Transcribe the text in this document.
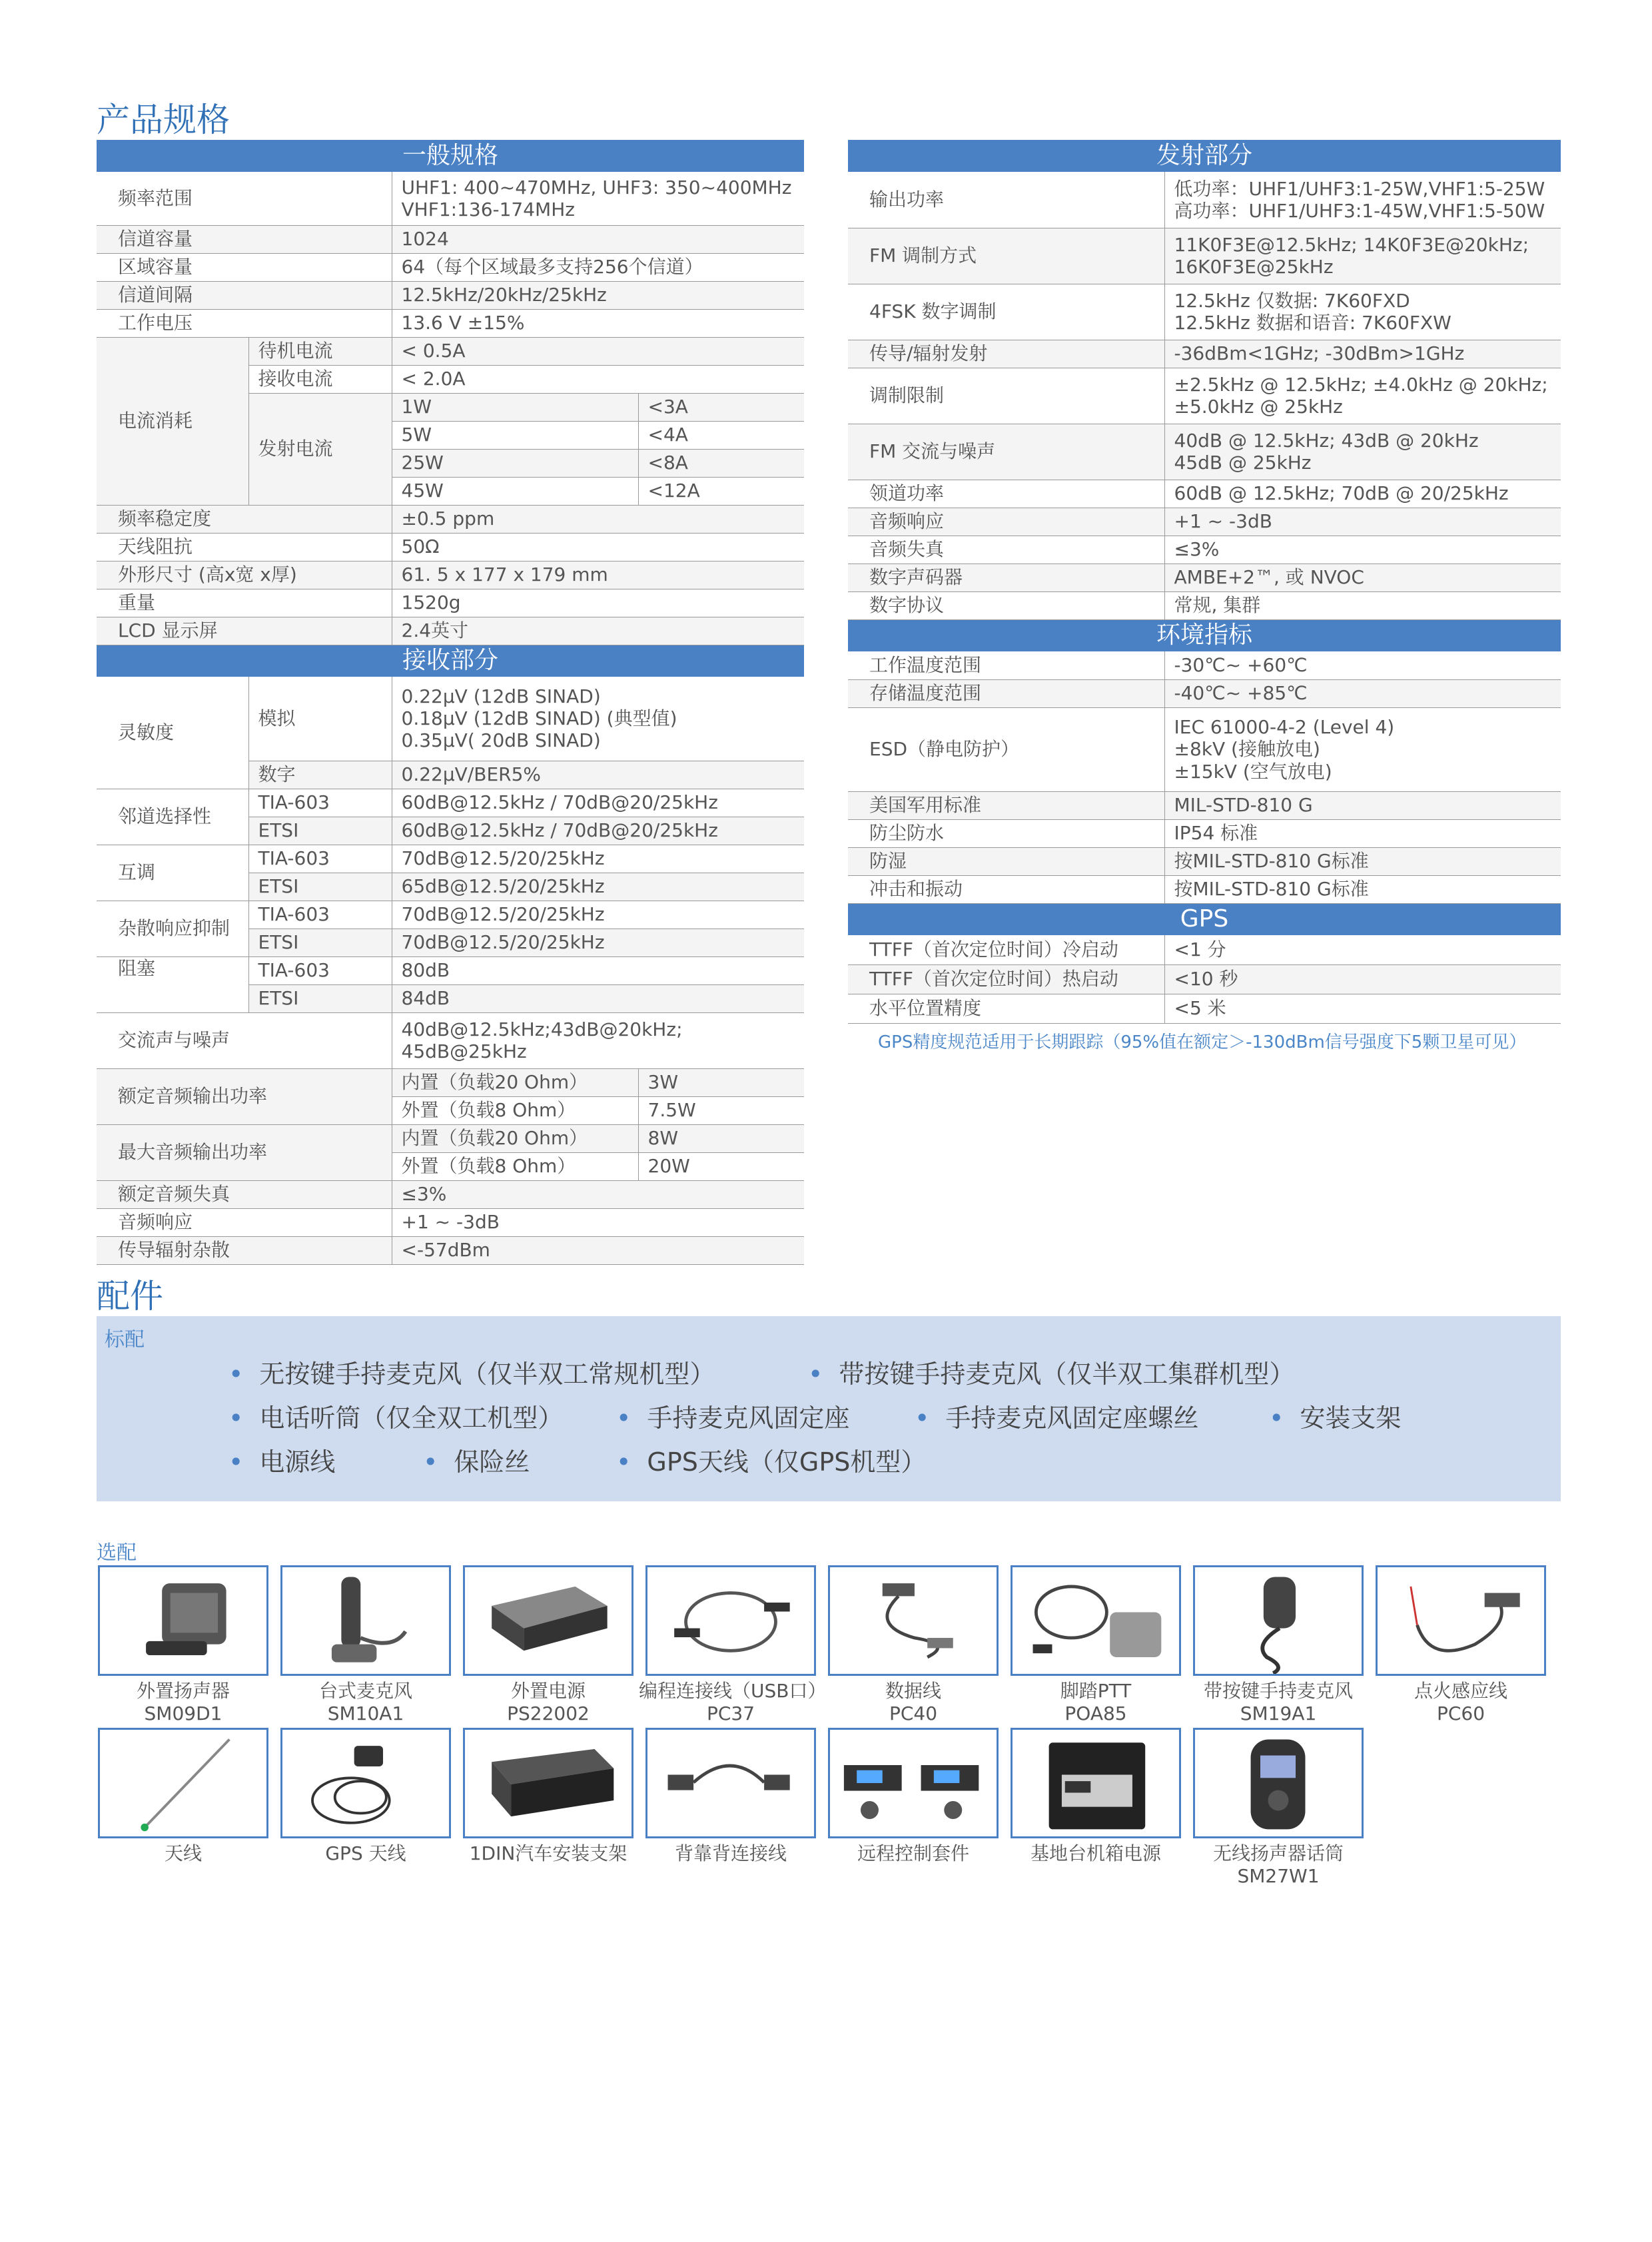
产品规格
一般规格			
频率范围		UHF1: 400~470MHz, UHF3: 350~400MHz
VHF1:136-174MHz	

信道容量		1024	
区域容量		64（每个区域最多支持256个信道）	
信道间隔		12.5kHz/20kHz/25kHz	
工作电压		13.6 V ±15%	
电流消耗	待机电流	< 0.5A	
	接收电流	< 2.0A	
	发射电流	1W	<3A
		5W	<4A
		25W	<8A
		45W	<12A
频率稳定度		±0.5 ppm	
天线阻抗		50Ω	
外形尺寸 (高x宽 x厚)		61. 5 x 177 x 179 mm	
重量		1520g	
LCD 显示屏		2.4英寸	
接收部分			
灵敏度	模拟	0.22μV (12dB SINAD)
0.18μV (12dB SINAD) (典型值)
0.35μV( 20dB SINAD)	

	数字	0.22μV/BER5%	
邻道选择性	TIA-603	60dB@12.5kHz / 70dB@20/25kHz	
	ETSI	60dB@12.5kHz / 70dB@20/25kHz	
互调	TIA-603	70dB@12.5/20/25kHz	
	ETSI	65dB@12.5/20/25kHz	
杂散响应抑制	TIA-603	70dB@12.5/20/25kHz	
	ETSI	70dB@12.5/20/25kHz	
阻塞	TIA-603	80dB	
	ETSI	84dB	
交流声与噪声		40dB@12.5kHz;43dB@20kHz;
45dB@25kHz	

额定音频输出功率		内置（负载20 Ohm）	3W
		外置（负载8 Ohm）	7.5W
最大音频输出功率		内置（负载20 Ohm）	8W
		外置（负载8 Ohm）	20W
额定音频失真		≤3%	
音频响应		+1 ~ -3dB	
传导辐射杂散		<-57dBm	
发射部分	
输出功率	低功率：UHF1/UHF3:1-25W,VHF1:5-25W
高功率：UHF1/UHF3:1-45W,VHF1:5-50W

FM 调制方式	11K0F3E@12.5kHz; 14K0F3E@20kHz;
16K0F3E@25kHz

4FSK 数字调制	12.5kHz 仅数据: 7K60FXD
12.5kHz 数据和语音: 7K60FXW

传导/辐射发射	-36dBm<1GHz; -30dBm>1GHz
调制限制	±2.5kHz @ 12.5kHz; ±4.0kHz @ 20kHz;
±5.0kHz @ 25kHz

FM 交流与噪声	40dB @ 12.5kHz; 43dB @ 20kHz
45dB @ 25kHz

领道功率	60dB @ 12.5kHz; 70dB @ 20/25kHz
音频响应	+1 ~ -3dB
音频失真	≤3%
数字声码器	AMBE+2™, 或 NVOC
数字协议	常规, 集群
环境指标	
工作温度范围	-30℃~ +60℃
存储温度范围	-40℃~ +85℃
ESD（静电防护）	IEC 61000-4-2 (Level 4)
±8kV (接触放电)
±15kV (空气放电)

美国军用标准	MIL-STD-810 G
防尘防水	IP54 标准
防湿	按MIL-STD-810 G标准
冲击和振动	按MIL-STD-810 G标准
GPS	
TTFF（首次定位时间）冷启动	<1 分
TTFF（首次定位时间）热启动	<10 秒
水平位置精度	<5 米
GPS精度规范适用于长期跟踪（95%值在额定＞-130dBm信号强度下5颗卫星可见）
配件
标配
• 无按键手持麦克风（仅半双工常规机型）	• 带按键手持麦克风（仅半双工集群机型）
• 电话听筒（仅全双工机型）	• 手持麦克风固定座	• 手持麦克风固定座螺丝	• 安装支架
• 电源线	• 保险丝	• GPS天线（仅GPS机型）
选配
外置扬声器
SM09D1
台式麦克风
SM10A1
外置电源
PS22002
编程连接线（USB口）
PC37
数据线
PC40
脚踏PTT
POA85
带按键手持麦克风
SM19A1
点火感应线
PC60
天线	GPS 天线	1DIN汽车安装支架	背靠背连接线	远程控制套件	基地台机箱电源	无线扬声器话筒
SM27W1
